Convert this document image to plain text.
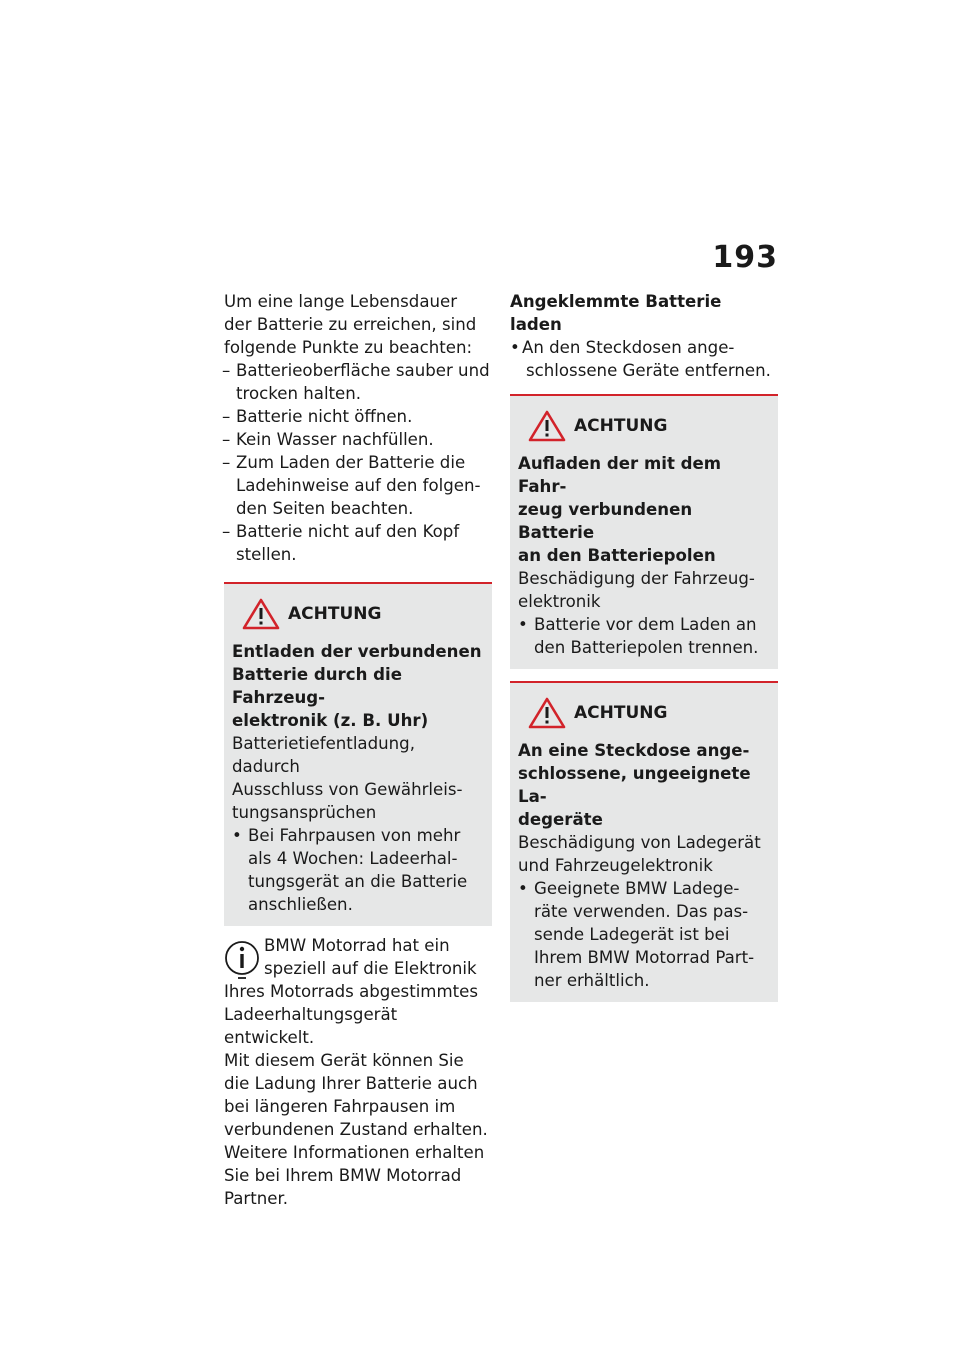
193
Um eine lange Lebensdauer
der Batterie zu erreichen, sind
folgende Punkte zu beachten:
– Batterieoberfläche sauber und
trocken halten.
– Batterie nicht öffnen.
– Kein Wasser nachfüllen.
– Zum Laden der Batterie die
Ladehinweise auf den folgen-
den Seiten beachten.
– Batterie nicht auf den Kopf
stellen.
ACHTUNG
Entladen der verbundenen
Batterie durch die Fahrzeug-
elektronik (z. B. Uhr)
Batterietiefentladung, dadurch
Ausschluss von Gewährleis-
tungsansprüchen
• Bei Fahrpausen von mehr
als 4 Wochen: Ladeerhal-
tungsgerät an die Batterie
anschließen.
BMW Motorrad hat ein
speziell auf die Elektronik
Ihres Motorrads abgestimmtes
Ladeerhaltungsgerät entwickelt.
Mit diesem Gerät können Sie
die Ladung Ihrer Batterie auch
bei längeren Fahrpausen im
verbundenen Zustand erhalten.
Weitere Informationen erhalten
Sie bei Ihrem BMW Motorrad
Partner.
Angeklemmte Batterie laden
• An den Steckdosen ange-
schlossene Geräte entfernen.
ACHTUNG
Aufladen der mit dem Fahr-
zeug verbundenen Batterie
an den Batteriepolen
Beschädigung der Fahrzeug-
elektronik
• Batterie vor dem Laden an
den Batteriepolen trennen.
ACHTUNG
An eine Steckdose ange-
schlossene, ungeeignete La-
degeräte
Beschädigung von Ladegerät
und Fahrzeugelektronik
• Geeignete BMW Ladege-
räte verwenden. Das pas-
sende Ladegerät ist bei
Ihrem BMW Motorrad Part-
ner erhältlich.
